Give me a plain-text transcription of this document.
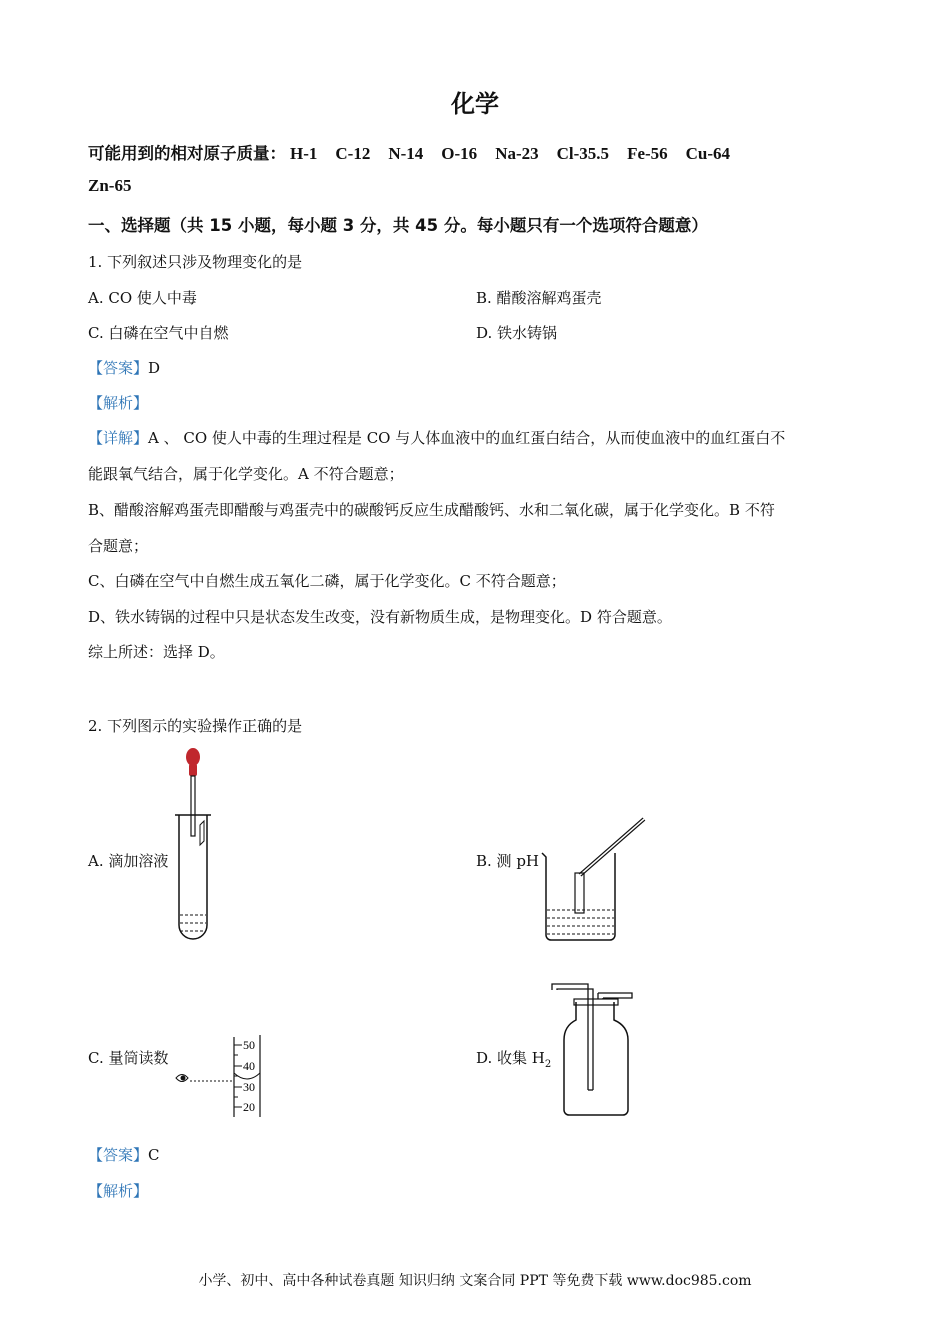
化学
可能用到的相对原子质量： H-1 C-12 N-14 O-16 Na-23 Cl-35.5 Fe-56 Cu-64
Zn-65
一、选择题（共 15 小题，每小题 3 分，共 45 分。每小题只有一个选项符合题意）
1. 下列叙述只涉及物理变化的是
A. CO 使人中毒	B. 醋酸溶解鸡蛋壳
C. 白磷在空气中自燃	D. 铁水铸锅
【答案】D
【解析】
【详解】A 、 CO 使人中毒的生理过程是 CO 与人体血液中的血红蛋白结合，从而使血液中的血红蛋白不
能跟氧气结合，属于化学变化。A 不符合题意；
B、醋酸溶解鸡蛋壳即醋酸与鸡蛋壳中的碳酸钙反应生成醋酸钙、水和二氧化碳，属于化学变化。B 不符
合题意；
C、白磷在空气中自燃生成五氧化二磷，属于化学变化。C 不符合题意；
D、铁水铸锅的过程中只是状态发生改变，没有新物质生成，是物理变化。D 符合题意。
综上所述：选择 D。
2. 下列图示的实验操作正确的是
A. 滴加溶液	B. 测 pH
C. 量筒读数	D. 收集 $H_2$
50
40
30
20
【答案】C
【解析】
小学、初中、高中各种试卷真题 知识归纳 文案合同 PPT 等免费下载 www.doc985.com
